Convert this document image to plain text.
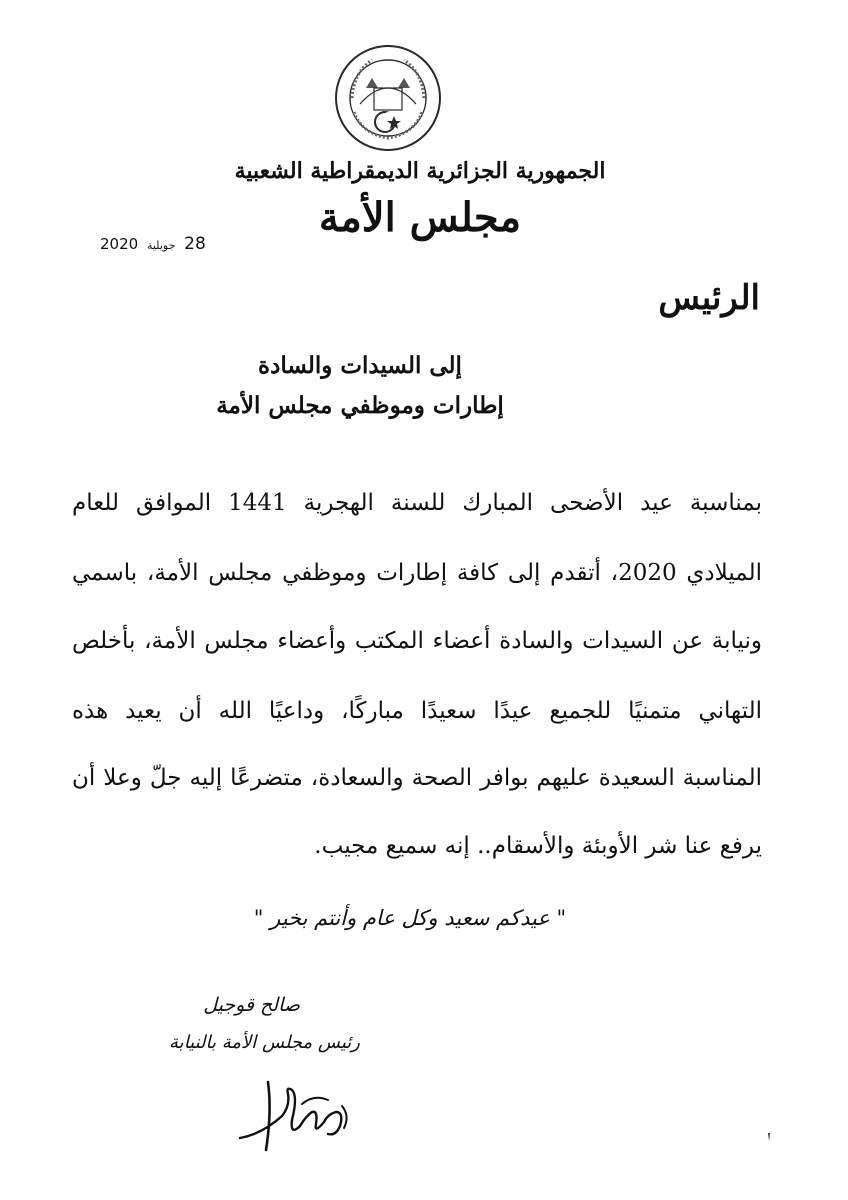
الجمهورية الجزائرية الديمقراطية الشعبية
مجلس الأمة
2020 جويلية 28
الرئيس
إلى السيدات والسادة
إطارات وموظفي مجلس الأمة
بمناسبة عيد الأضحى المبارك للسنة الهجرية 1441 الموافق للعام
الميلادي 2020، أتقدم إلى كافة إطارات وموظفي مجلس الأمة، باسمي
ونيابة عن السيدات والسادة أعضاء المكتب وأعضاء مجلس الأمة، بأخلص
التهاني متمنيًا للجميع عيدًا سعيدًا مباركًا، وداعيًا الله أن يعيد هذه
المناسبة السعيدة عليهم بوافر الصحة والسعادة، متضرعًا إليه جلّ وعلا أن
يرفع عنا شر الأوبئة والأسقام.. إنه سميع مجيب.
" عيدكم سعيد وكل عام وأنتم بخير "
صالح قوجيل
رئيس مجلس الأمة بالنيابة
